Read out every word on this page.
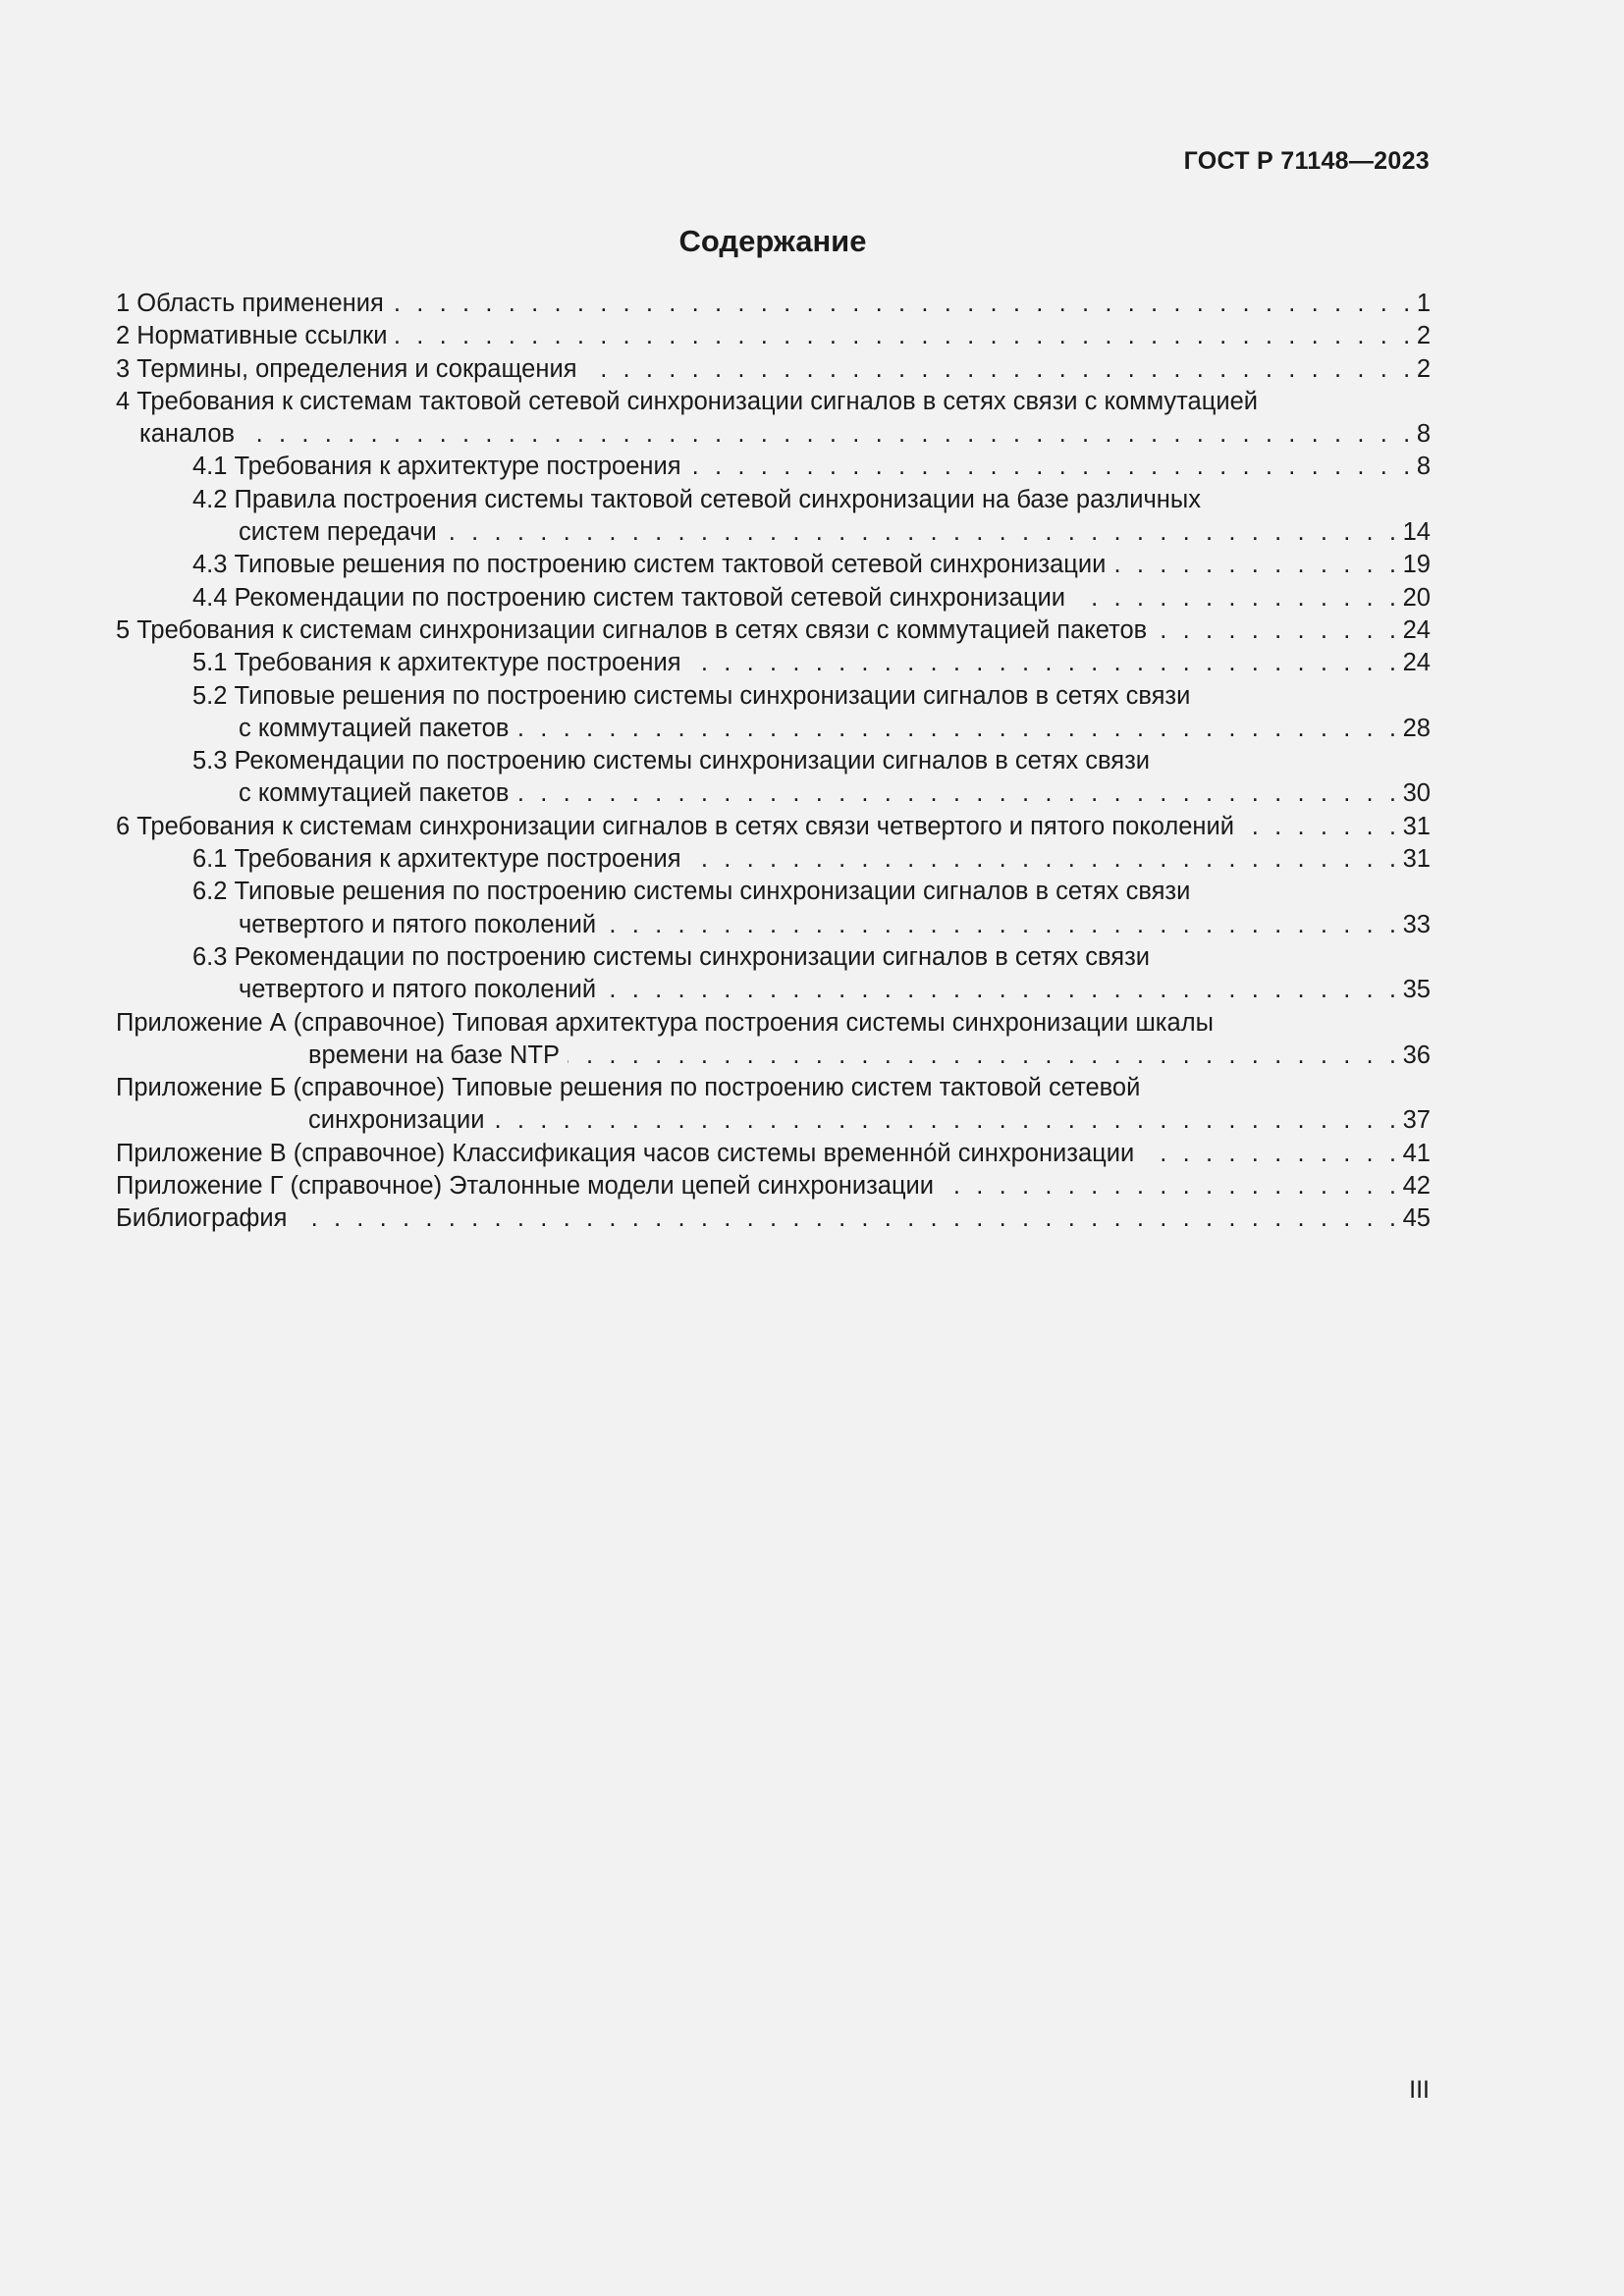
ГОСТ Р 71148—2023
Содержание
1 Область применения . . .	1
2 Нормативные ссылки . . .	2
3 Термины, определения и сокращения . . .	2
4 Требования к системам тактовой сетевой синхронизации сигналов в сетях связи с коммутацией
каналов . . .	8
4.1 Требования к архитектуре построения . . .	8
4.2 Правила построения системы тактовой сетевой синхронизации на базе различных
систем передачи . . .	14
4.3 Типовые решения по построению систем тактовой сетевой синхронизации . . .	19
4.4 Рекомендации по построению систем тактовой сетевой синхронизации . . .	20
5 Требования к системам синхронизации сигналов в сетях связи с коммутацией пакетов . . .	24
5.1 Требования к архитектуре построения . . .	24
5.2 Типовые решения по построению системы синхронизации сигналов в сетях связи
с коммутацией пакетов . . .	28
5.3 Рекомендации по построению системы синхронизации сигналов в сетях связи
с коммутацией пакетов . . .	30
6 Требования к системам синхронизации сигналов в сетях связи четвертого и пятого поколений . . .	31
6.1 Требования к архитектуре построения . . .	31
6.2 Типовые решения по построению системы синхронизации сигналов в сетях связи
четвертого и пятого поколений . . .	33
6.3 Рекомендации по построению системы синхронизации сигналов в сетях связи
четвертого и пятого поколений . . .	35
Приложение А (справочное) Типовая архитектура построения системы синхронизации шкалы
времени на базе NTP . . .	36
Приложение Б (справочное) Типовые решения по построению систем тактовой сетевой
синхронизации . . .	37
Приложение В (справочное) Классификация часов системы временно́й синхронизации . . .	41
Приложение Г (справочное) Эталонные модели цепей синхронизации . . .	42
Библиография . . .	45
III
